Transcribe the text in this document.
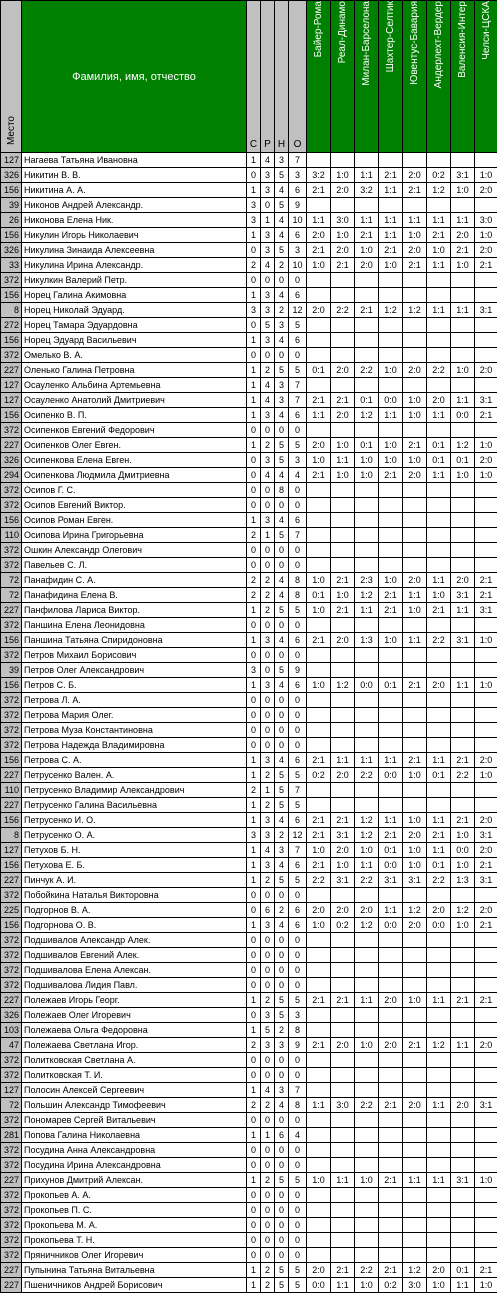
Место	Фамилия, имя, отчество	С	Р	Н	О	Байер-Рома	Реал-Динамо	Милан-Барселона	Шахтер-Селтик	Ювентус-Бавария	Андерлехт-Вердер	Валенсия-Интер	Челси-ЦСКА
127	Нагаева Татьяна Ивановна	1	4	3	7								
326	Никитин В. В.	0	3	5	3	3:2	1:0	1:1	2:1	2:0	0:2	3:1	1:0
156	Никитина А. А.	1	3	4	6	2:1	2:0	3:2	1:1	2:1	1:2	1:0	2:0
39	Никонов Андрей Александр.	3	0	5	9								
26	Никонова Елена Ник.	3	1	4	10	1:1	3:0	1:1	1:1	1:1	1:1	1:1	3:0
156	Никулин Игорь Николаевич	1	3	4	6	2:0	1:0	2:1	1:1	1:0	2:1	2:0	1:0
326	Никулина Зинаида Алексеевна	0	3	5	3	2:1	2:0	1:0	2:1	2:0	1:0	2:1	2:0
33	Никулина Ирина Александр.	2	4	2	10	1:0	2:1	2:0	1:0	2:1	1:1	1:0	2:1
372	Никулкин Валерий Петр.	0	0	0	0								
156	Норец Галина Акимовна	1	3	4	6								
8	Норец Николай Эдуард.	3	3	2	12	2:0	2:2	2:1	1:2	1:2	1:1	1:1	3:1
272	Норец Тамара Эдуардовна	0	5	3	5								
156	Норец Эдуард Васильевич	1	3	4	6								
372	Омелько В. А.	0	0	0	0								
227	Оленько Галина Петровна	1	2	5	5	0:1	2:0	2:2	1:0	2:0	2:2	1:0	2:0
127	Осауленко Альбина Артемьевна	1	4	3	7								
127	Осауленко Анатолий Дмитриевич	1	4	3	7	2:1	2:1	0:1	0:0	1:0	2:0	1:1	3:1
156	Осипенко В. П.	1	3	4	6	1:1	2:0	1:2	1:1	1:0	1:1	0:0	2:1
372	Осипенков Евгений Федорович	0	0	0	0								
227	Осипенков Олег Евген.	1	2	5	5	2:0	1:0	0:1	1:0	2:1	0:1	1:2	1:0
326	Осипенкова Елена Евген.	0	3	5	3	1:0	1:1	1:0	1:0	1:0	0:1	0:1	2:0
294	Осипенкова Людмила Дмитриевна	0	4	4	4	2:1	1:0	1:0	2:1	2:0	1:1	1:0	1:0
372	Осипов Г. С.	0	0	8	0								
372	Осипов Евгений Виктор.	0	0	0	0								
156	Осипов Роман Евген.	1	3	4	6								
110	Осипова Ирина Григорьевна	2	1	5	7								
372	Ошкин Александр Олегович	0	0	0	0								
372	Павельев С. Л.	0	0	0	0								
72	Панафидин С. А.	2	2	4	8	1:0	2:1	2:3	1:0	2:0	1:1	2:0	2:1
72	Панафидина Елена В.	2	2	4	8	0:1	1:0	1:2	2:1	1:1	1:0	3:1	2:1
227	Панфилова Лариса Виктор.	1	2	5	5	1:0	2:1	1:1	2:1	1:0	2:1	1:1	3:1
372	Паншина Елена Леонидовна	0	0	0	0								
156	Паншина Татьяна Спиридоновна	1	3	4	6	2:1	2:0	1:3	1:0	1:1	2:2	3:1	1:0
372	Петров Михаил Борисович	0	0	0	0								
39	Петров Олег Александрович	3	0	5	9								
156	Петров С. Б.	1	3	4	6	1:0	1:2	0:0	0:1	2:1	2:0	1:1	1:0
372	Петрова Л. А.	0	0	0	0								
372	Петрова Мария Олег.	0	0	0	0								
372	Петрова Муза Константиновна	0	0	0	0								
372	Петрова Надежда Владимировна	0	0	0	0								
156	Петрова С. А.	1	3	4	6	2:1	1:1	1:1	1:1	2:1	1:1	2:1	2:0
227	Петрусенко Вален. А.	1	2	5	5	0:2	2:0	2:2	0:0	1:0	0:1	2:2	1:0
110	Петрусенко Владимир Александрович	2	1	5	7								
227	Петрусенко Галина Васильевна	1	2	5	5								
156	Петрусенко И. О.	1	3	4	6	2:1	2:1	1:2	1:1	1:0	1:1	2:1	2:0
8	Петрусенко О. А.	3	3	2	12	2:1	3:1	1:2	2:1	2:0	2:1	1:0	3:1
127	Петухов Б. Н.	1	4	3	7	1:0	2:0	1:0	0:1	1:0	1:1	0:0	2:0
156	Петухова Е. Б.	1	3	4	6	2:1	1:0	1:1	0:0	1:0	0:1	1:0	2:1
227	Пинчук А. И.	1	2	5	5	2:2	3:1	2:2	3:1	3:1	2:2	1:3	3:1
372	Побойкина Наталья Викторовна	0	0	0	0								
225	Подгорнов В. А.	0	6	2	6	2:0	2:0	2:0	1:1	1:2	2:0	1:2	2:0
156	Подгорнова О. В.	1	3	4	6	1:0	0:2	1:2	0:0	2:0	0:0	1:0	2:1
372	Подшивалов Александр Алек.	0	0	0	0								
372	Подшивалов Евгений Алек.	0	0	0	0								
372	Подшивалова Елена Алексан.	0	0	0	0								
372	Подшивалова Лидия Павл.	0	0	0	0								
227	Полежаев Игорь Георг.	1	2	5	5	2:1	2:1	1:1	2:0	1:0	1:1	2:1	2:1
326	Полежаев Олег Игоревич	0	3	5	3								
103	Полежаева Ольга Федоровна	1	5	2	8								
47	Полежаева Светлана Игор.	2	3	3	9	2:1	2:0	1:0	2:0	2:1	1:2	1:1	2:0
372	Политковская Светлана А.	0	0	0	0								
372	Политковская Т. И.	0	0	0	0								
127	Полосин Алексей Сергеевич	1	4	3	7								
72	Польшин Александр Тимофеевич	2	2	4	8	1:1	3:0	2:2	2:1	2:0	1:1	2:0	3:1
372	Пономарев Сергей Витальевич	0	0	0	0								
281	Попова Галина Николаевна	1	1	6	4								
372	Посудина Анна Александровна	0	0	0	0								
372	Посудина Ирина Александровна	0	0	0	0								
227	Прихунов Дмитрий Алексан.	1	2	5	5	1:0	1:1	1:0	2:1	1:1	1:1	3:1	1:0
372	Прокопьев А. А.	0	0	0	0								
372	Прокопьев П. С.	0	0	0	0								
372	Прокопьева М. А.	0	0	0	0								
372	Прокопьева Т. Н.	0	0	0	0								
372	Пряничников Олег Игоревич	0	0	0	0								
227	Пупынина Татьяна Витальевна	1	2	5	5	2:0	2:1	2:2	2:1	1:2	2:0	0:1	2:1
227	Пшеничников Андрей Борисович	1	2	5	5	0:0	1:1	1:0	0:2	3:0	1:0	1:1	1:0
